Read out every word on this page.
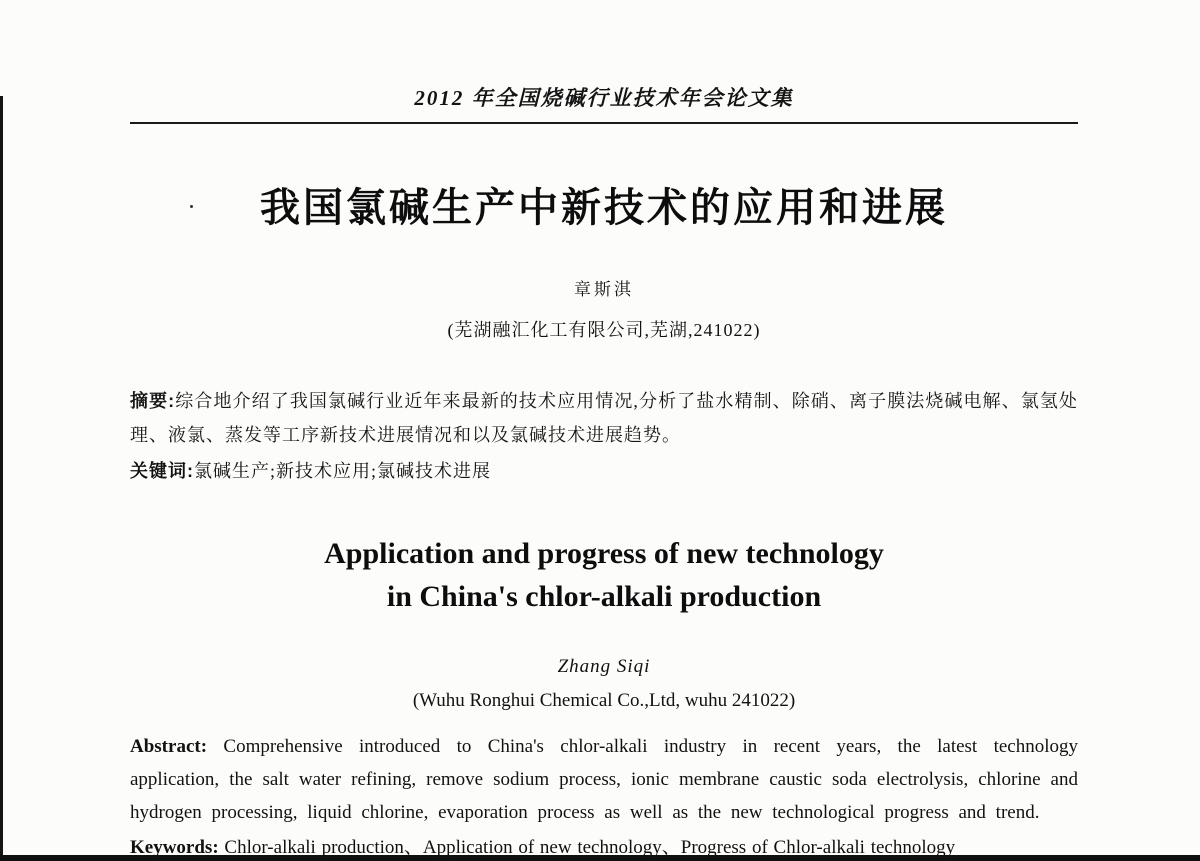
2012 年全国烧碱行业技术年会论文集
我国氯碱生产中新技术的应用和进展
章斯淇
(芜湖融汇化工有限公司,芜湖,241022)
摘要:综合地介绍了我国氯碱行业近年来最新的技术应用情况,分析了盐水精制、除硝、离子膜法烧碱电解、氯氢处理、液氯、蒸发等工序新技术进展情况和以及氯碱技术进展趋势。
关键词:氯碱生产;新技术应用;氯碱技术进展
Application and progress of new technology
in China's chlor-alkali production
Zhang Siqi
(Wuhu Ronghui Chemical Co.,Ltd, wuhu 241022)
Abstract: Comprehensive introduced to China's chlor-alkali industry in recent years, the latest technology application, the salt water refining, remove sodium process, ionic membrane caustic soda electrolysis, chlorine and hydrogen processing, liquid chlorine, evaporation process as well as the new technological progress and trend.
Keywords: Chlor-alkali production、Application of new technology、Progress of Chlor-alkali technology
